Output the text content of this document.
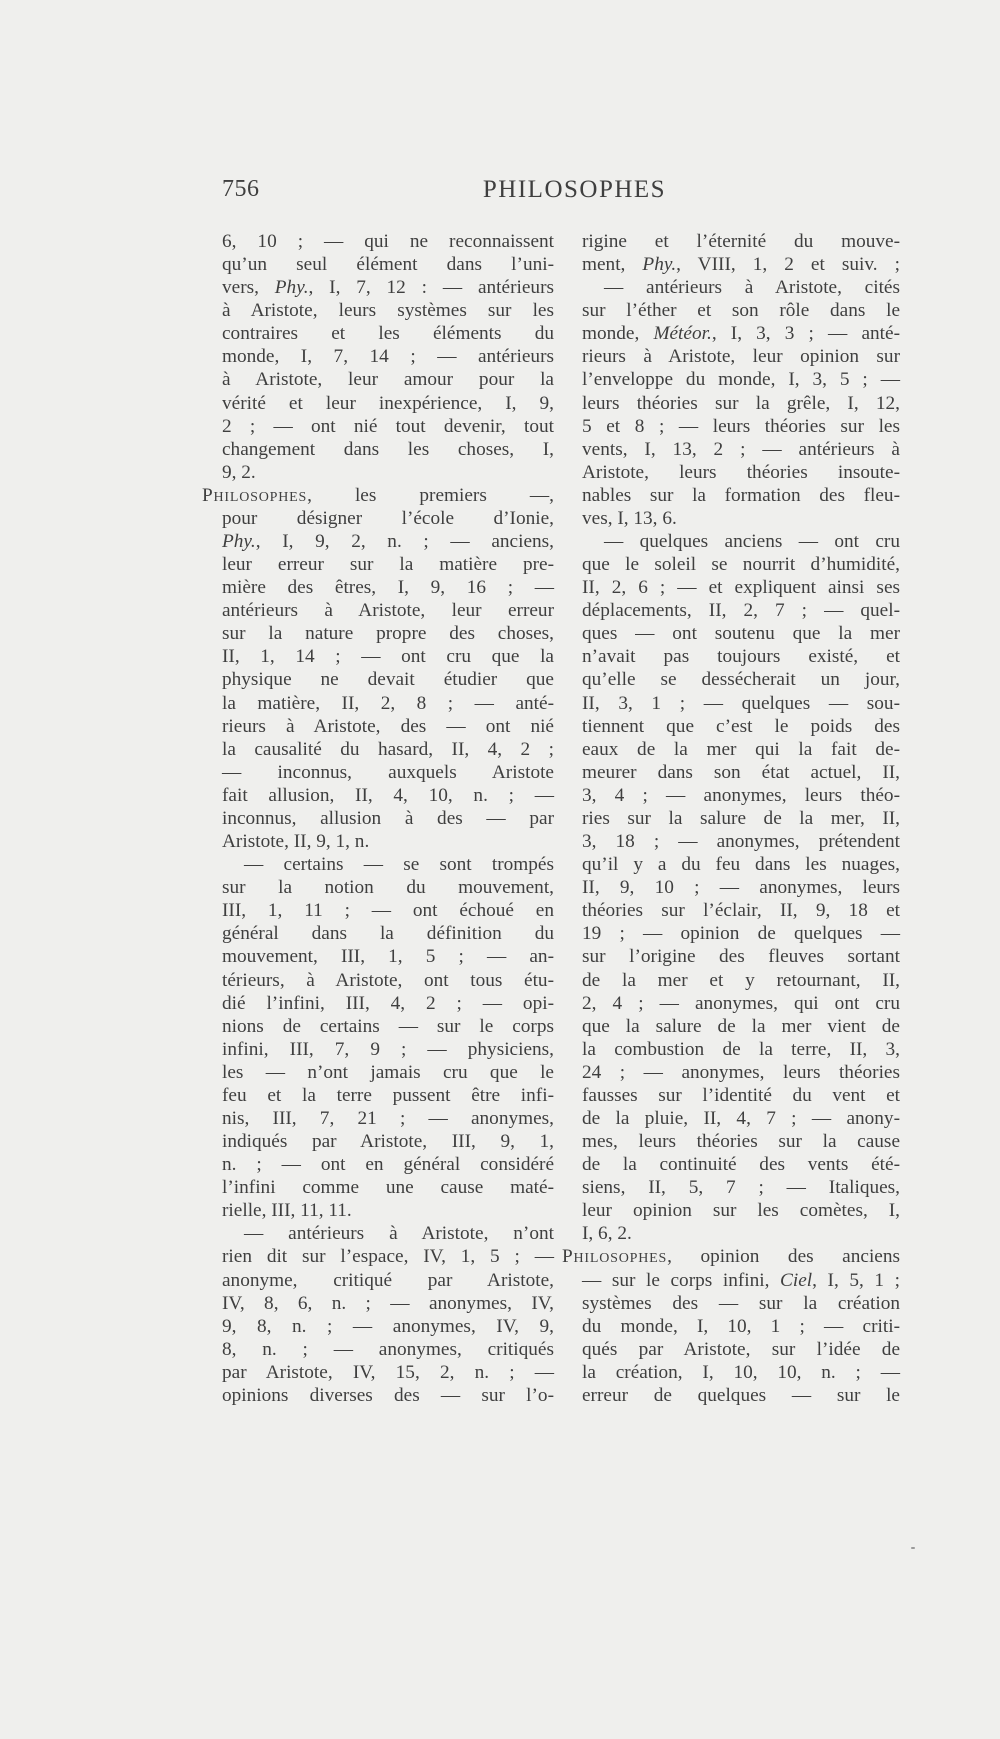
756	PHILOSOPHES
6, 10 ; — qui ne reconnaissent
qu’un seul élément dans l’uni-
vers, Phy., I, 7, 12 : — antérieurs
à Aristote, leurs systèmes sur les
contraires et les éléments du
monde, I, 7, 14 ; — antérieurs
à Aristote, leur amour pour la
vérité et leur inexpérience, I, 9,
2 ; — ont nié tout devenir, tout
changement dans les choses, I,
9, 2.
Philosophes, les premiers —,
pour désigner l’école d’Ionie,
Phy., I, 9, 2, n. ; — anciens,
leur erreur sur la matière pre-
mière des êtres, I, 9, 16 ; —
antérieurs à Aristote, leur erreur
sur la nature propre des choses,
II, 1, 14 ; — ont cru que la
physique ne devait étudier que
la matière, II, 2, 8 ; — anté-
rieurs à Aristote, des — ont nié
la causalité du hasard, II, 4, 2 ;
— inconnus, auxquels Aristote
fait allusion, II, 4, 10, n. ; —
inconnus, allusion à des — par
Aristote, II, 9, 1, n.
— certains — se sont trompés
sur la notion du mouvement,
III, 1, 11 ; — ont échoué en
général dans la définition du
mouvement, III, 1, 5 ; — an-
térieurs, à Aristote, ont tous étu-
dié l’infini, III, 4, 2 ; — opi-
nions de certains — sur le corps
infini, III, 7, 9 ; — physiciens,
les — n’ont jamais cru que le
feu et la terre pussent être infi-
nis, III, 7, 21 ; — anonymes,
indiqués par Aristote, III, 9, 1,
n. ; — ont en général considéré
l’infini comme une cause maté-
rielle, III, 11, 11.
— antérieurs à Aristote, n’ont
rien dit sur l’espace, IV, 1, 5 ; —
anonyme, critiqué par Aristote,
IV, 8, 6, n. ; — anonymes, IV,
9, 8, n. ; — anonymes, IV, 9,
8, n. ; — anonymes, critiqués
par Aristote, IV, 15, 2, n. ; —
opinions diverses des — sur l’o-
rigine et l’éternité du mouve-
ment, Phy., VIII, 1, 2 et suiv. ;
— antérieurs à Aristote, cités
sur l’éther et son rôle dans le
monde, Météor., I, 3, 3 ; — anté-
rieurs à Aristote, leur opinion sur
l’enveloppe du monde, I, 3, 5 ; —
leurs théories sur la grêle, I, 12,
5 et 8 ; — leurs théories sur les
vents, I, 13, 2 ; — antérieurs à
Aristote, leurs théories insoute-
nables sur la formation des fleu-
ves, I, 13, 6.
— quelques anciens — ont cru
que le soleil se nourrit d’humidité,
II, 2, 6 ; — et expliquent ainsi ses
déplacements, II, 2, 7 ; — quel-
ques — ont soutenu que la mer
n’avait pas toujours existé, et
qu’elle se dessécherait un jour,
II, 3, 1 ; — quelques — sou-
tiennent que c’est le poids des
eaux de la mer qui la fait de-
meurer dans son état actuel, II,
3, 4 ; — anonymes, leurs théo-
ries sur la salure de la mer, II,
3, 18 ; — anonymes, prétendent
qu’il y a du feu dans les nuages,
II, 9, 10 ; — anonymes, leurs
théories sur l’éclair, II, 9, 18 et
19 ; — opinion de quelques —
sur l’origine des fleuves sortant
de la mer et y retournant, II,
2, 4 ; — anonymes, qui ont cru
que la salure de la mer vient de
la combustion de la terre, II, 3,
24 ; — anonymes, leurs théories
fausses sur l’identité du vent et
de la pluie, II, 4, 7 ; — anony-
mes, leurs théories sur la cause
de la continuité des vents été-
siens, II, 5, 7 ; — Italiques,
leur opinion sur les comètes, I,
I, 6, 2.
Philosophes, opinion des anciens
— sur le corps infini, Ciel, I, 5, 1 ;
systèmes des — sur la création
du monde, I, 10, 1 ; — criti-
qués par Aristote, sur l’idée de
la création, I, 10, 10, n. ; —
erreur de quelques — sur le
